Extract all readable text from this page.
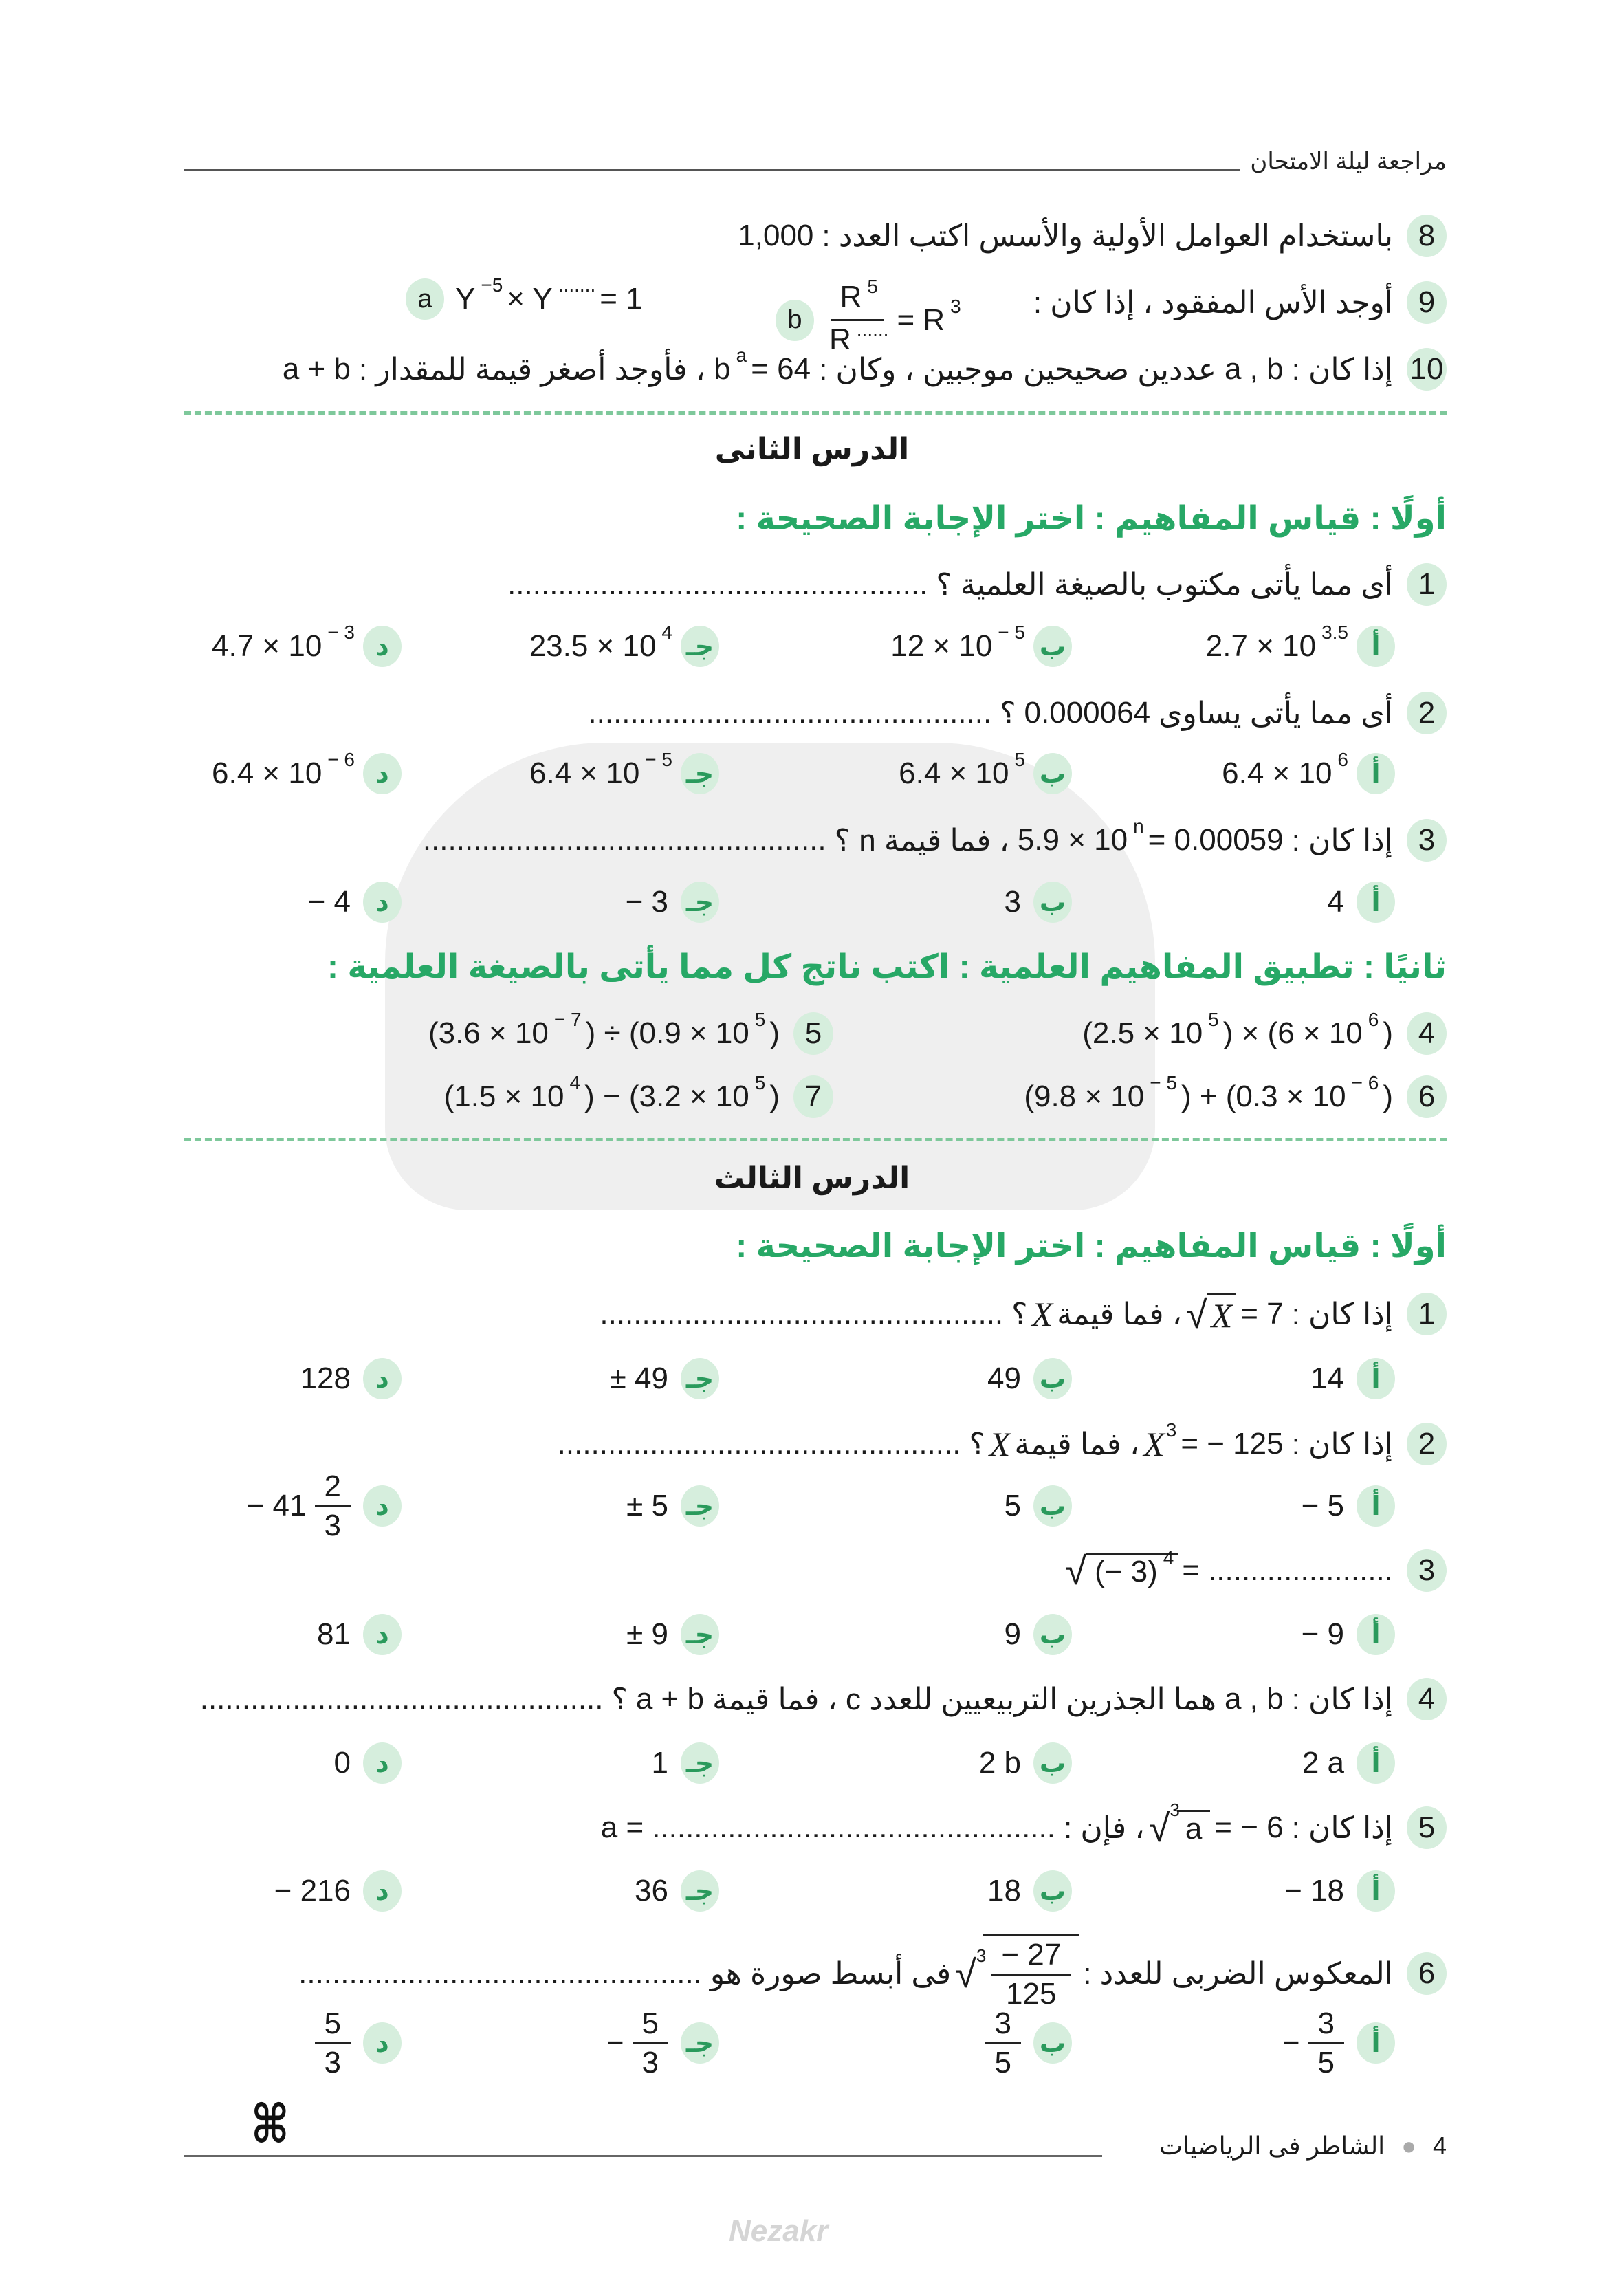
مراجعة ليلة الامتحان
الدرس الثانى
أولًا : قياس المفاهيم : اختر الإجابة الصحيحة :
ثانيًا : تطبيق المفاهيم العلمية : اكتب ناتج كل مما يأتى بالصيغة العلمية :
الدرس الثالث
أولًا : قياس المفاهيم : اختر الإجابة الصحيحة :
8
باستخدام العوامل الأولية والأسس اكتب العدد :
1,000
9
أوجد الأس المفقود ، إذا كان :
a Y −5 × Y ....... = 1
b $\frac{R ^5}{R ^{......}} = R$ 3
10
إذا كان :
a , b
عددين صحيحين موجبين ، وكان :
b a = 64
، فأوجد أصغر قيمة للمقدار :
a + b
1
أى مما يأتى مكتوب بالصيغة العلمية ؟
..................................................
أ
2.7 × 10 3.5
ب
12 × 10 − 5
جـ
23.5 × 10 4
د
4.7 × 10 − 3
2
أى مما يأتى يساوى
0.000064
؟
................................................
أ
6.4 × 10 6
ب
6.4 × 10 5
جـ
6.4 × 10 − 5
د
6.4 × 10 − 6
3
إذا كان :
5.9 × 10 n = 0.00059
، فما قيمة n ؟
................................................
أ
4
ب
3
جـ
− 3
د
− 4
4
(2.5 × 10 5 ) × (6 × 10 6 )
5
(3.6 × 10 − 7 ) ÷ (0.9 × 10 5 )
6
(9.8 × 10 − 5 ) + (0.3 × 10 − 6 )
7
(1.5 × 10 4 ) − (3.2 × 10 5 )
1
إذا كان :
√ X = 7
، فما قيمة
X
؟
................................................
أ
14
ب
49
جـ
± 49
د
128
2
إذا كان :
X 3 = − 125
، فما قيمة
X
؟
................................................
أ
− 5
ب
5
جـ
± 5
د
− $41 \frac{2}{3}$
3
√ (− 3) 4 = ......................
أ
− 9
ب
9
جـ
± 9
د
81
4
إذا كان :
a , b
هما الجذرين التربيعيين للعدد c ، فما قيمة
a + b
؟
................................................
أ
2 a
ب
2 b
جـ
1
د
0
5
إذا كان :
√ 3
a = − 6
، فإن :
a = ................................................
أ
− 18
ب
18
جـ
36
د
− 216
6
المعكوس الضربى للعدد :
√ $3 \frac{- 27}{125}$
فى أبسط صورة هو
................................................
أ
− $\frac{3}{5}$
ب
$\frac{3}{5}$
جـ
− $\frac{5}{3}$
د
$\frac{5}{3}$
4 ● الشاطر فى الرياضيات
⌘
Nezakr
